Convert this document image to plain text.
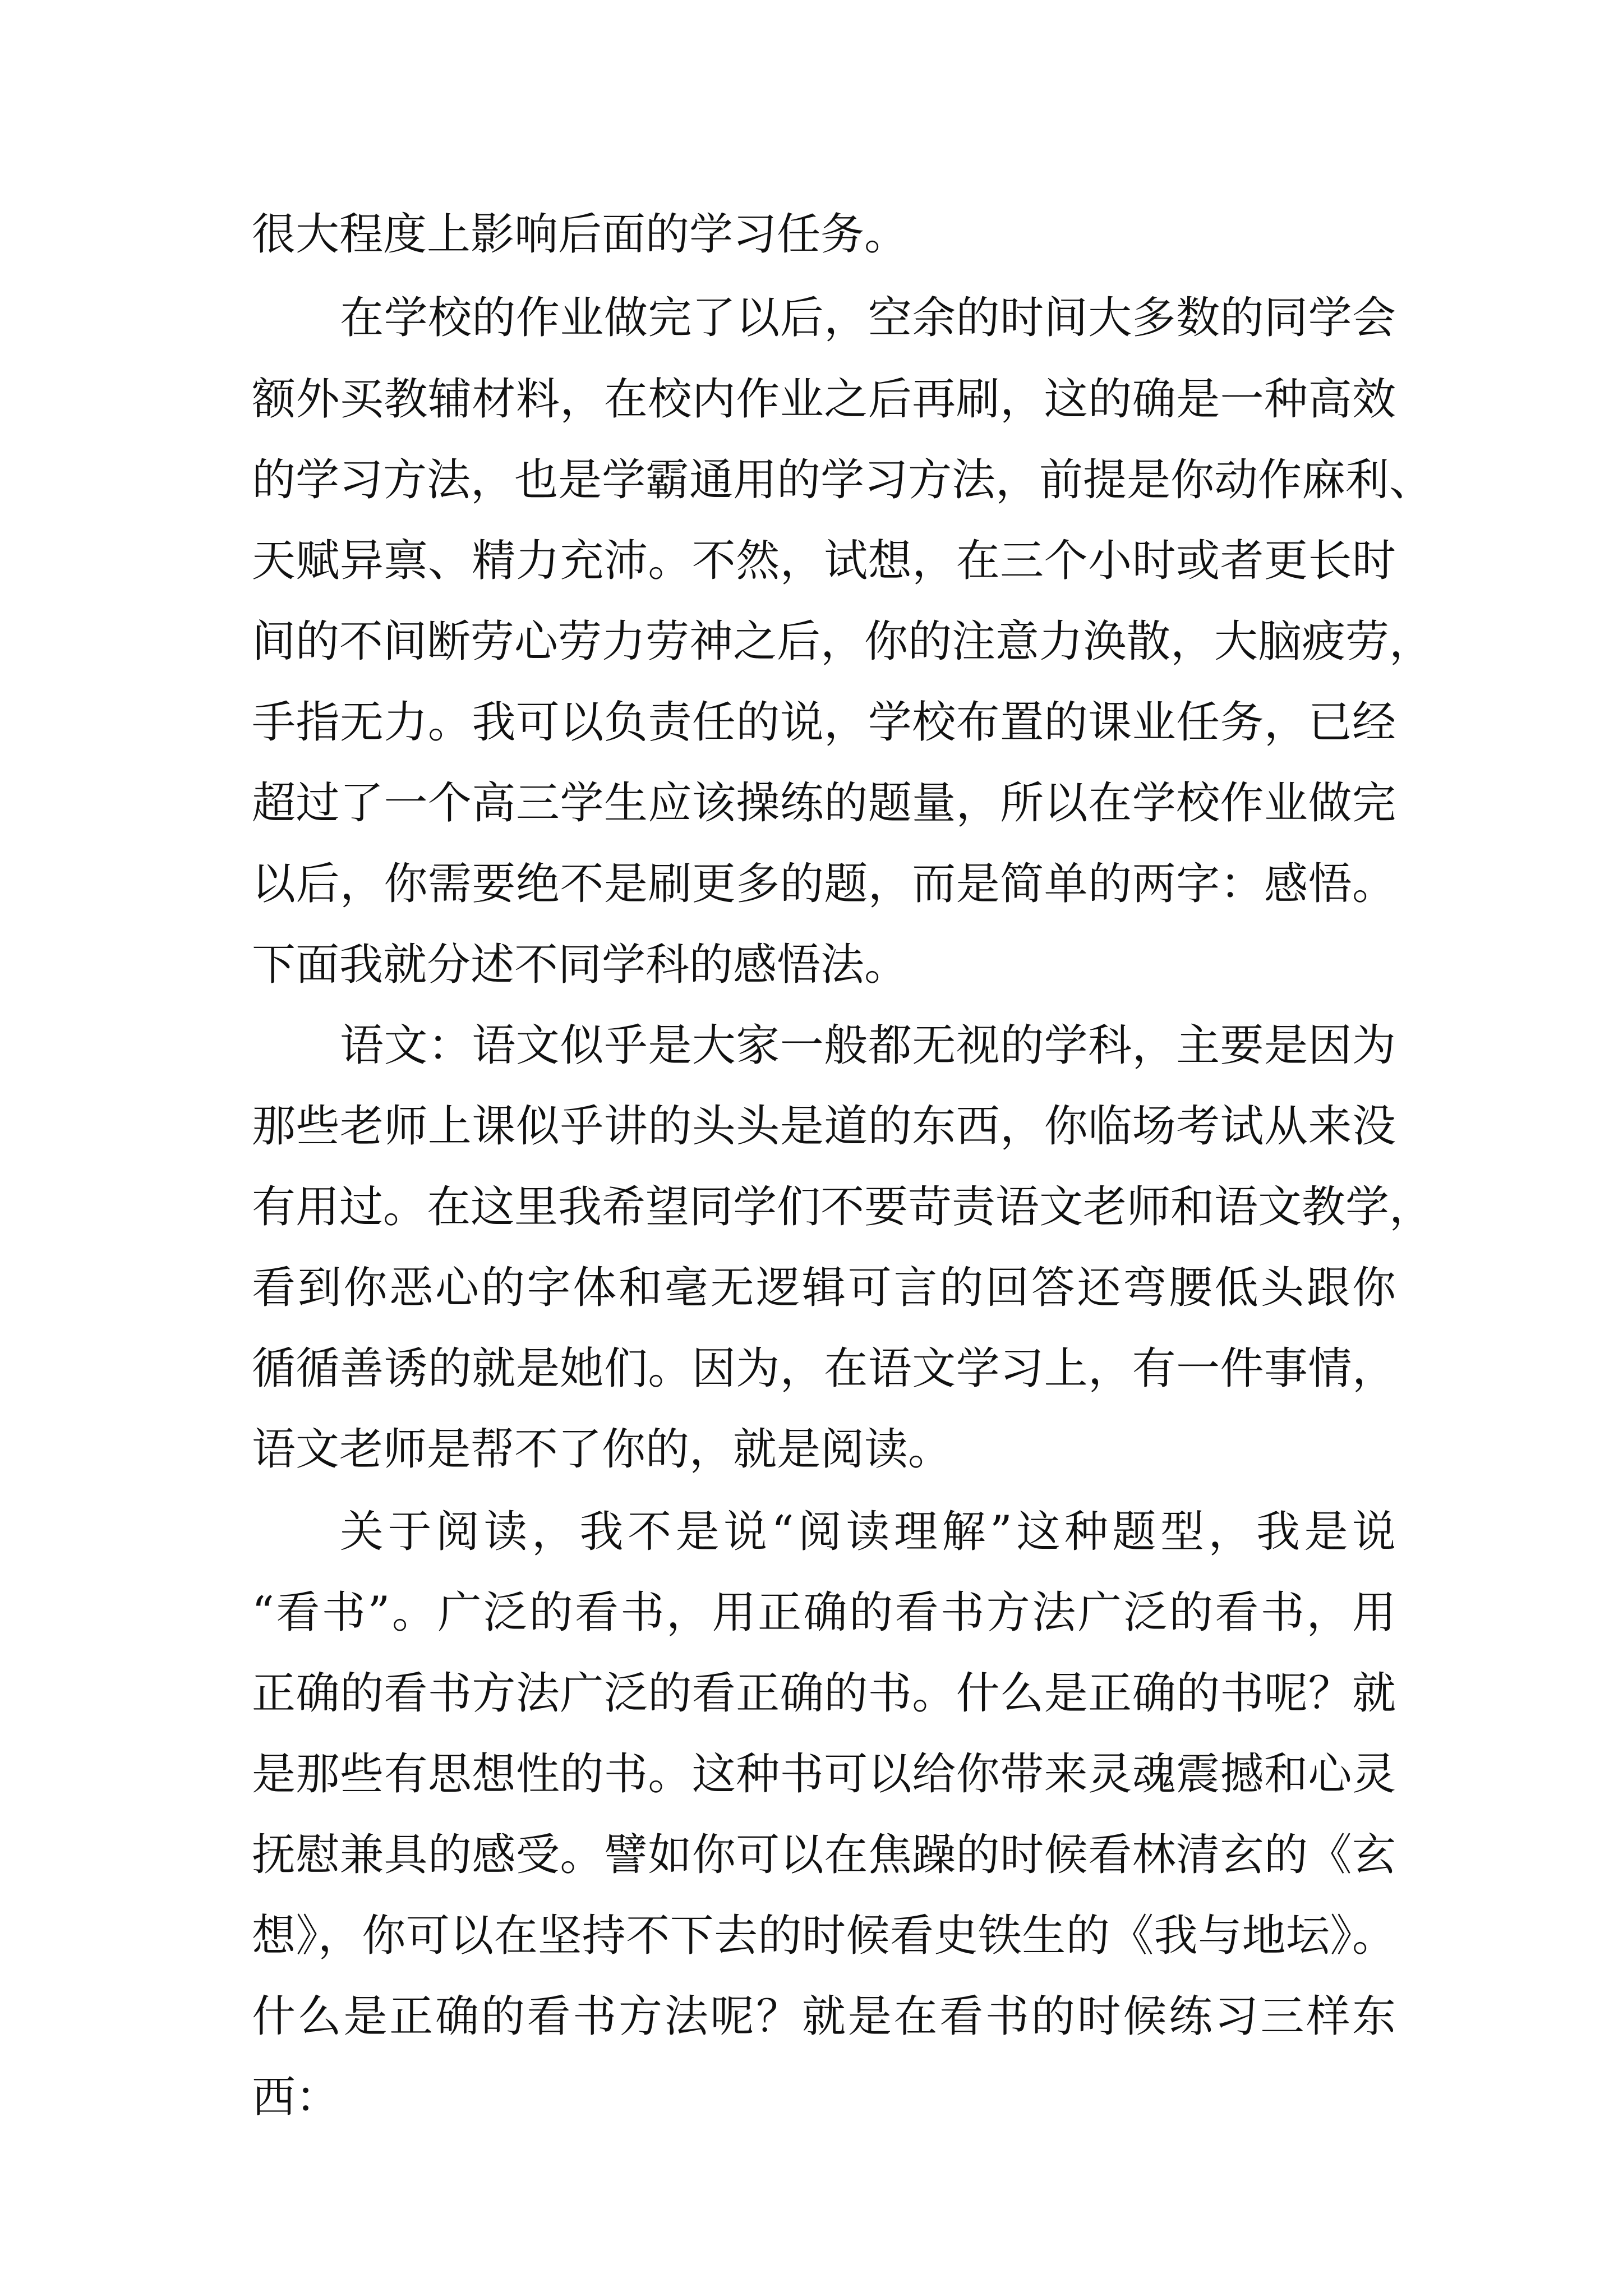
很大程度上影响后面的学习任务。
在学校的作业做完了以后，空余的时间大多数的同学会
额外买教辅材料，在校内作业之后再刷，这的确是一种高效
的学习方法，也是学霸通用的学习方法，前提是你动作麻利、
天赋异禀、精力充沛。不然，试想，在三个小时或者更长时
间的不间断劳心劳力劳神之后，你的注意力涣散，大脑疲劳，
手指无力。我可以负责任的说，学校布置的课业任务，已经
超过了一个高三学生应该操练的题量，所以在学校作业做完
以后，你需要绝不是刷更多的题，而是简单的两字：感悟。
下面我就分述不同学科的感悟法。
语文：语文似乎是大家一般都无视的学科，主要是因为
那些老师上课似乎讲的头头是道的东西，你临场考试从来没
有用过。在这里我希望同学们不要苛责语文老师和语文教学，
看到你恶心的字体和毫无逻辑可言的回答还弯腰低头跟你
循循善诱的就是她们。因为，在语文学习上，有一件事情，
语文老师是帮不了你的，就是阅读。
关于阅读，我不是说“阅读理解”这种题型，我是说
“看书”。广泛的看书，用正确的看书方法广泛的看书，用
正确的看书方法广泛的看正确的书。什么是正确的书呢？就
是那些有思想性的书。这种书可以给你带来灵魂震撼和心灵
抚慰兼具的感受。譬如你可以在焦躁的时候看林清玄的《玄
想》，你可以在坚持不下去的时候看史铁生的《我与地坛》。
什么是正确的看书方法呢？就是在看书的时候练习三样东
西：
